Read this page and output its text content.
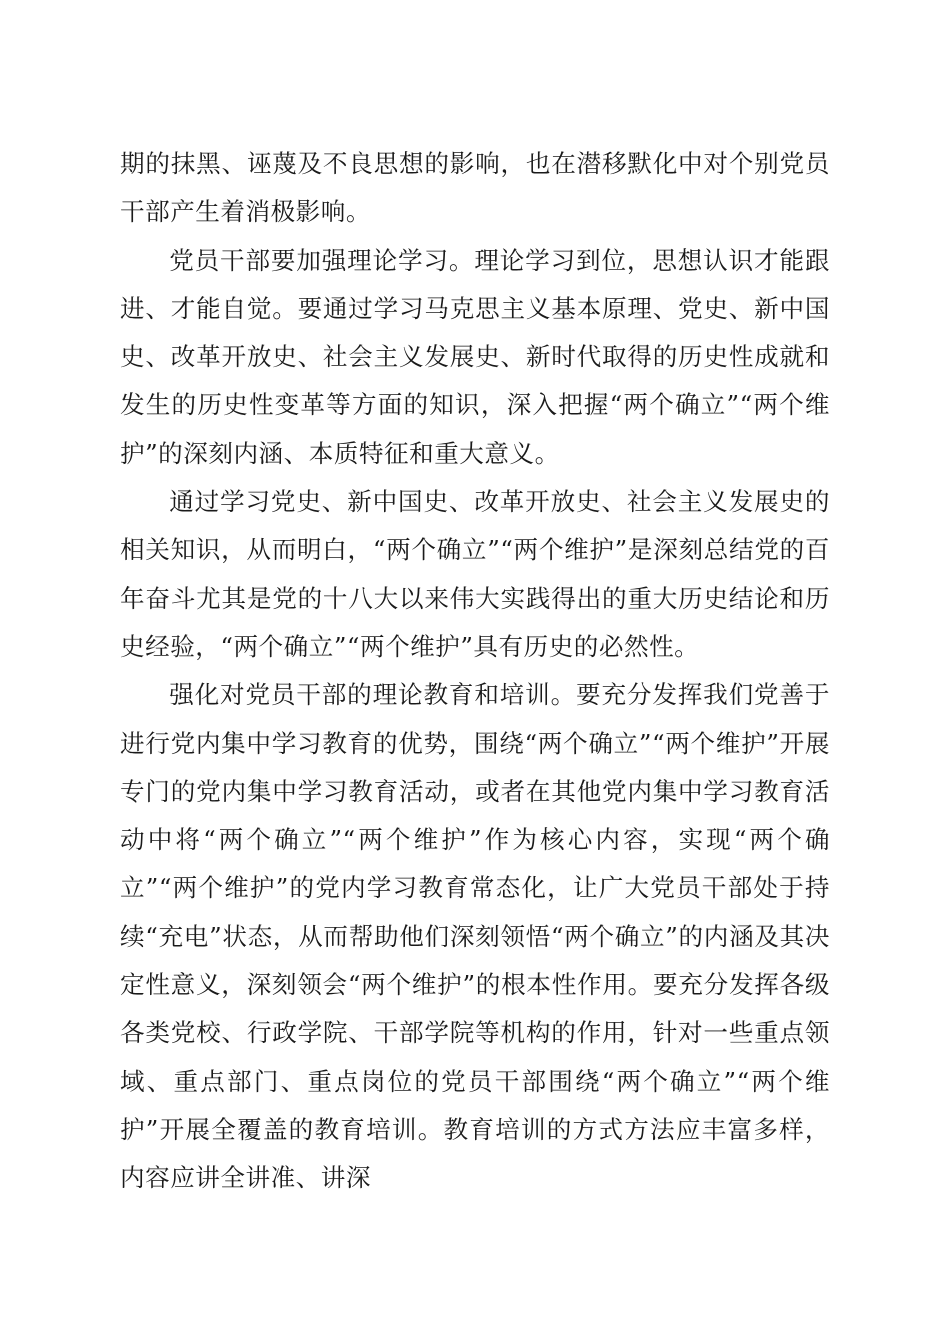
期的抹黑、诬蔑及不良思想的影响，也在潜移默化中对个别党员干部产生着消极影响。

党员干部要加强理论学习。理论学习到位，思想认识才能跟进、才能自觉。要通过学习马克思主义基本原理、党史、新中国史、改革开放史、社会主义发展史、新时代取得的历史性成就和发生的历史性变革等方面的知识，深入把握“两个确立”“两个维护”的深刻内涵、本质特征和重大意义。

通过学习党史、新中国史、改革开放史、社会主义发展史的相关知识，从而明白，“两个确立”“两个维护”是深刻总结党的百年奋斗尤其是党的十八大以来伟大实践得出的重大历史结论和历史经验，“两个确立”“两个维护”具有历史的必然性。

强化对党员干部的理论教育和培训。要充分发挥我们党善于进行党内集中学习教育的优势，围绕“两个确立”“两个维护”开展专门的党内集中学习教育活动，或者在其他党内集中学习教育活动中将“两个确立”“两个维护”作为核心内容，实现“两个确立”“两个维护”的党内学习教育常态化，让广大党员干部处于持续“充电”状态，从而帮助他们深刻领悟“两个确立”的内涵及其决定性意义，深刻领会“两个维护”的根本性作用。要充分发挥各级各类党校、行政学院、干部学院等机构的作用，针对一些重点领域、重点部门、重点岗位的党员干部围绕“两个确立”“两个维护”开展全覆盖的教育培训。教育培训的方式方法应丰富多样，内容应讲全讲准、讲深
